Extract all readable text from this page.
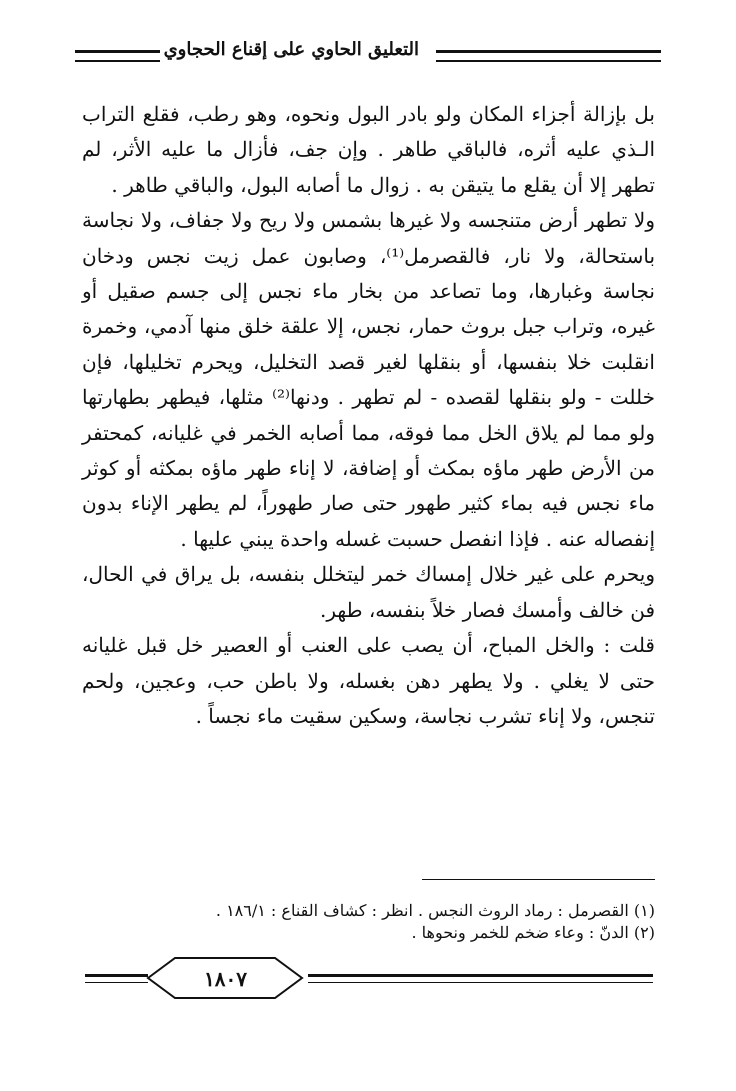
التعليق الحاوي على إقناع الحجاوي

بل بإزالة أجزاء المكان ولو بادر البول ونحوه، وهو رطب، فقلع التراب الـذي عليه أثره، فالباقي طاهر . وإن جف، فأزال ما عليه الأثر، لم تطهر إلا أن يقلع ما يتيقن به . زوال ما أصابه البول، والباقي طاهر .

ولا تطهر أرض متنجسه ولا غيرها بشمس ولا ريح ولا جفاف، ولا نجاسة باستحالة، ولا نار، فالقصرمل⁽¹⁾، وصابون عمل زيت نجس ودخان نجاسة وغبارها، وما تصاعد من بخار ماء نجس إلى جسم صقيل أو غيره، وتراب جبل بروث حمار، نجس، إلا علقة خلق منها آدمي، وخمرة انقلبت خلا بنفسها، أو بنقلها لغير قصد التخليل، ويحرم تخليلها، فإن خللت - ولو بنقلها لقصده - لم تطهر . ودنها⁽²⁾ مثلها، فيطهر بطهارتها ولو مما لم يلاق الخل مما فوقه، مما أصابه الخمر في غليانه، كمحتفر من الأرض طهر ماؤه بمكث أو إضافة، لا إناء طهر ماؤه بمكثه أو كوثر ماء نجس فيه بماء كثير طهور حتى صار طهوراً، لم يطهر الإناء بدون إنفصاله عنه . فإذا انفصل حسبت غسله واحدة يبني عليها .

ويحرم على غير خلال إمساك خمر ليتخلل بنفسه، بل يراق في الحال، فن خالف وأمسك فصار خلاً بنفسه، طهر.

قلت : والخل المباح، أن يصب على العنب أو العصير خل قبل غليانه حتى لا يغلي . ولا يطهر دهن بغسله، ولا باطن حب، وعجين، ولحم تنجس، ولا إناء تشرب نجاسة، وسكين سقيت ماء نجساً .

(١) القصرمل : رماد الروث النجس . انظر : كشاف القناع : ١٨٦/١ .

(٢) الدنّ : وعاء ضخم للخمر ونحوها .

١٨٠٧
